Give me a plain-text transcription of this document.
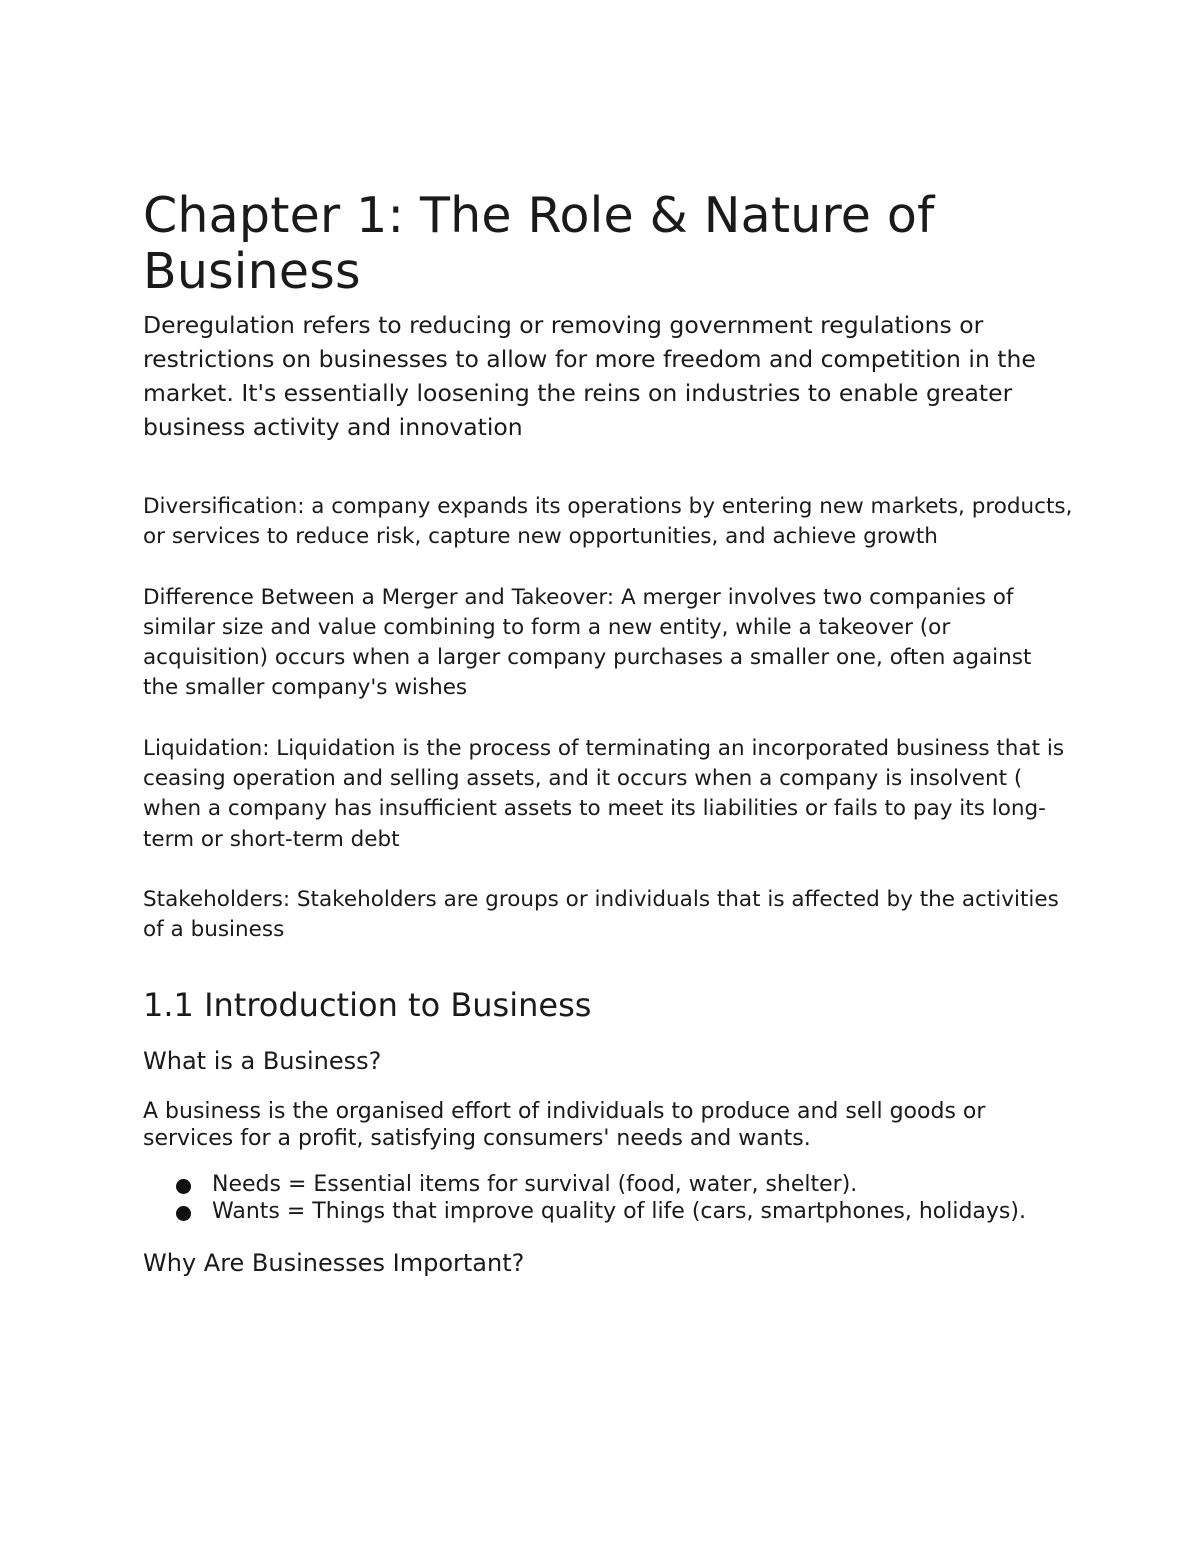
Chapter 1: The Role & Nature of Business

Deregulation refers to reducing or removing government regulations or restrictions on businesses to allow for more freedom and competition in the market. It's essentially loosening the reins on industries to enable greater business activity and innovation

Diversification: a company expands its operations by entering new markets, products, or services to reduce risk, capture new opportunities, and achieve growth

Difference Between a Merger and Takeover: A merger involves two companies of similar size and value combining to form a new entity, while a takeover (or acquisition) occurs when a larger company purchases a smaller one, often against the smaller company's wishes

Liquidation: Liquidation is the process of terminating an incorporated business that is ceasing operation and selling assets, and it occurs when a company is insolvent ( when a company has insufficient assets to meet its liabilities or fails to pay its long-term or short-term debt

Stakeholders: Stakeholders are groups or individuals that is affected by the activities of a business

1.1 Introduction to Business
What is a Business?

A business is the organised effort of individuals to produce and sell goods or services for a profit, satisfying consumers' needs and wants.

Needs = Essential items for survival (food, water, shelter).
Wants = Things that improve quality of life (cars, smartphones, holidays).
Why Are Businesses Important?
